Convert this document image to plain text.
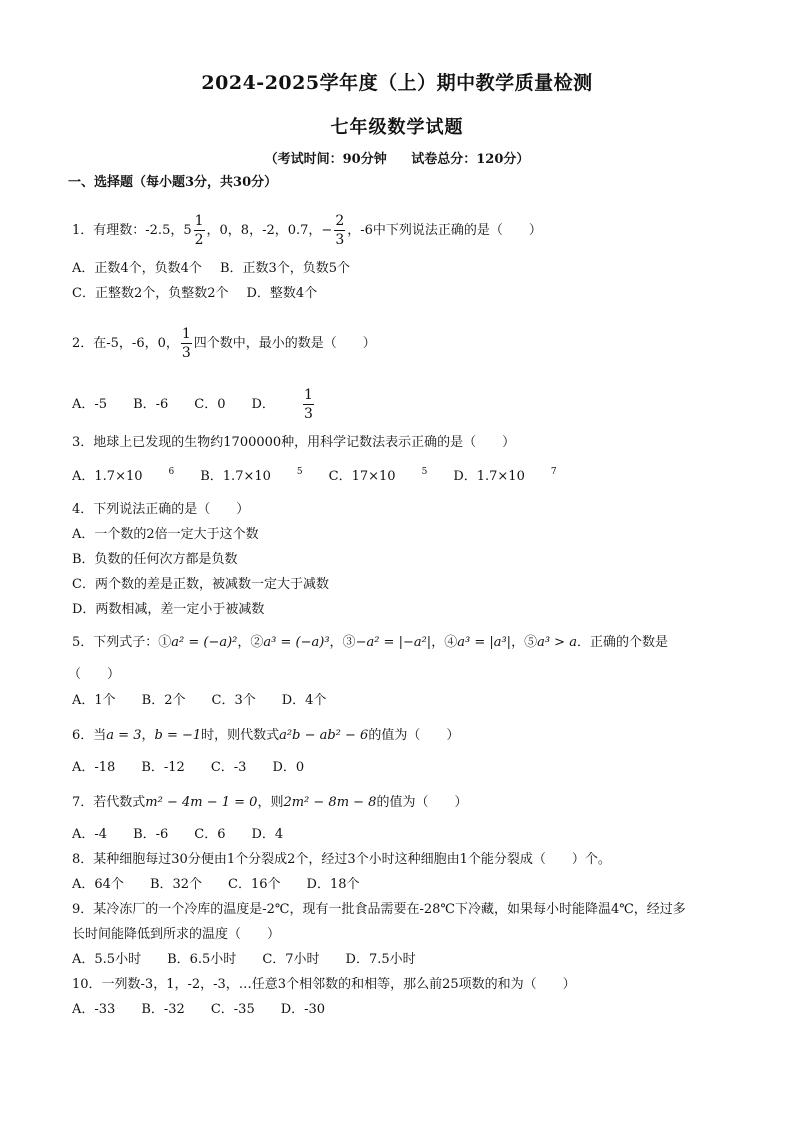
2024-2025学年度（上）期中教学质量检测
七年级数学试题
（考试时间：90分钟 试卷总分：120分）
一、选择题（每小题3分，共30分）
1．有理数：-2.5，$5 \frac{1}{2}$ ，0，8，-2，0.7，− $\frac{2}{3}$ ，-6中下列说法正确的是（　　）
A．正数4个，负数4个 B．正数3个，负数5个
C．正整数2个，负整数2个 D．整数4个
2．在-5，-6，0， $\frac{1}{3}$ 四个数中，最小的数是（　　）
A．-5 B．-6 C．0 D． $\frac{1}{3}$
3．地球上已发现的生物约1700000种，用科学记数法表示正确的是（　　）
A．1.7×10	$^6$ B．1.7×10	$^5$ C．17×10	$^5$ D．1.7×10	$^7$
4．下列说法正确的是（　　）
A．一个数的2倍一定大于这个数
B．负数的任何次方都是负数
C．两个数的差是正数，被减数一定大于减数
D．两数相减，差一定小于被减数
5．下列式子：①a² = (−a)²，②a³ = (−a)³，③−a² = |−a²|，④a³ = |a³|，⑤a³ > a．正确的个数是
（　　）
A．1个 B．2个 C．3个 D．4个
6．当a = 3，b = −1时，则代数式a²b − ab² − 6的值为（　　）
A．-18 B．-12 C．-3 D．0
7．若代数式m² − 4m − 1 = 0，则2m² − 8m − 8的值为（　　）
A．-4 B．-6 C．6 D．4
8．某种细胞每过30分便由1个分裂成2个，经过3个小时这种细胞由1个能分裂成（　　）个。
A．64个 B．32个 C．16个 D．18个
9．某冷冻厂的一个冷库的温度是-2℃，现有一批食品需要在-28℃下冷藏，如果每小时能降温4℃，经过多
长时间能降低到所求的温度（　　）
A．5.5小时 B．6.5小时 C．7小时 D．7.5小时
10．一列数-3，1，-2，-3，…任意3个相邻数的和相等，那么前25项数的和为（　　）
A．-33 B．-32 C．-35 D．-30
